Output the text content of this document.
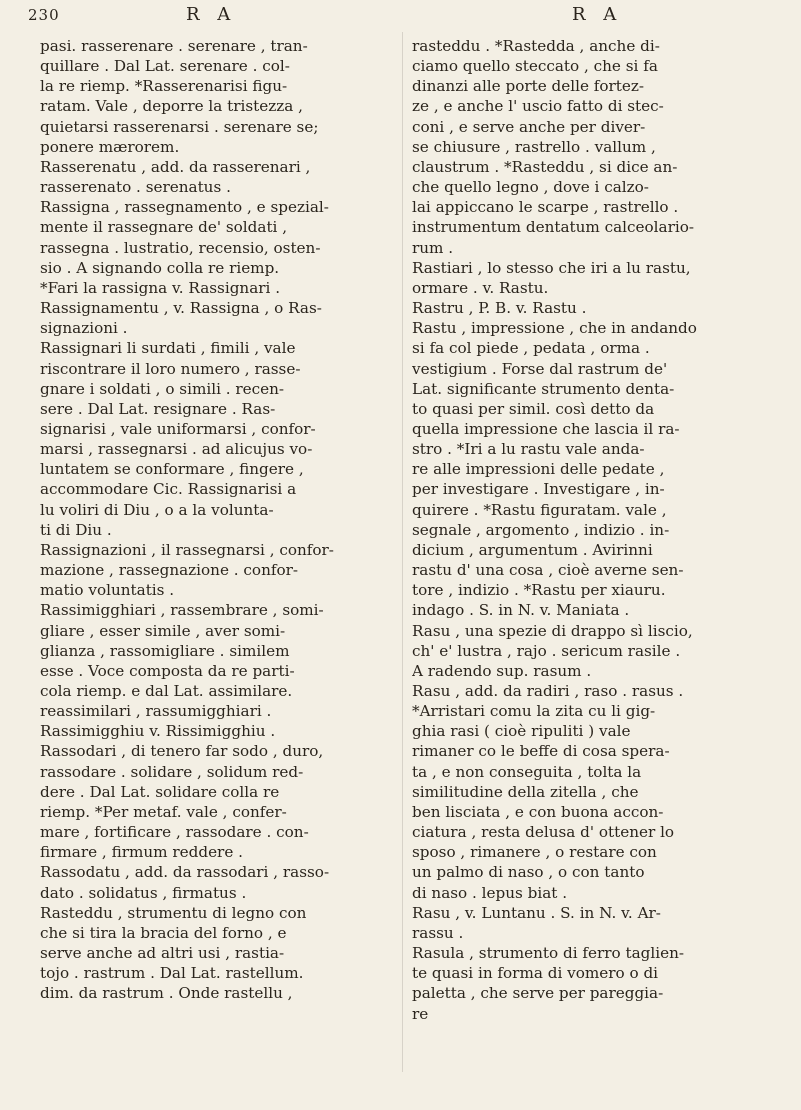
230	R A	R A
pasi. rasserenare . serenare , tran-
quillare . Dal Lat. serenare . col-
la re riemp. *Rasserenarisi figu-
ratam. Vale , deporre la tristezza ,
quietarsi rasserenarsi . serenare se;
ponere mærorem.
Rasserenatu , add. da rasserenari ,
rasserenato . serenatus .
Rassigna , rassegnamento , e spezial-
mente il rassegnare de' soldati ,
rassegna . lustratio, recensio, osten-
sio . A signando colla re riemp.
*Fari la rassigna v. Rassignari .
Rassignamentu , v. Rassigna , o Ras-
signazioni .
Rassignari li surdati , fimili , vale
riscontrare il loro numero , rasse-
gnare i soldati , o simili . recen-
sere . Dal Lat. resignare . Ras-
signarisi , vale uniformarsi , confor-
marsi , rassegnarsi . ad alicujus vo-
luntatem se conformare , fingere ,
accommodare Cic. Rassignarisi a
lu voliri di Diu , o a la volunta-
ti di Diu .
Rassignazioni , il rassegnarsi , confor-
mazione , rassegnazione . confor-
matio voluntatis .
Rassimigghiari , rassembrare , somi-
gliare , esser simile , aver somi-
glianza , rassomigliare . similem
esse . Voce composta da re parti-
cola riemp. e dal Lat. assimilare.
reassimilari , rassumigghiari .
Rassimigghiu v. Rissimigghiu .
Rassodari , di tenero far sodo , duro,
rassodare . solidare , solidum red-
dere . Dal Lat. solidare colla re
riemp. *Per metaf. vale , confer-
mare , fortificare , rassodare . con-
firmare , firmum reddere .
Rassodatu , add. da rassodari , rasso-
dato . solidatus , firmatus .
Rasteddu , strumentu di legno con
che si tira la bracia del forno , e
serve anche ad altri usi , rastia-
tojo . rastrum . Dal Lat. rastellum.
dim. da rastrum . Onde rastellu ,
rasteddu . *Rastedda , anche di-
ciamo quello steccato , che si fa
dinanzi alle porte delle fortez-
ze , e anche l' uscio fatto di stec-
coni , e serve anche per diver-
se chiusure , rastrello . vallum ,
claustrum . *Rasteddu , si dice an-
che quello legno , dove i calzo-
lai appiccano le scarpe , rastrello .
instrumentum dentatum calceolario-
rum .
Rastiari , lo stesso che iri a lu rastu,
ormare . v. Rastu.
Rastru , P. B. v. Rastu .
Rastu , impressione , che in andando
si fa col piede , pedata , orma .
vestigium . Forse dal rastrum de'
Lat. significante strumento denta-
to quasi per simil. così detto da
quella impressione che lascia il ra-
stro . *Iri a lu rastu vale anda-
re alle impressioni delle pedate ,
per investigare . Investigare , in-
quirere . *Rastu figuratam. vale ,
segnale , argomento , indizio . in-
dicium , argumentum . Avirinni
rastu d' una cosa , cioè averne sen-
tore , indizio . *Rastu per xiauru.
indago . S. in N. v. Maniata .
Rasu , una spezie di drappo sì liscio,
ch' e' lustra , rajo . sericum rasile .
A radendo sup. rasum .
Rasu , add. da radiri , raso . rasus .
*Arristari comu la zita cu li gig-
ghia rasi ( cioè ripuliti ) vale
rimaner co le beffe di cosa spera-
ta , e non conseguita , tolta la
similitudine della zitella , che
ben lisciata , e con buona accon-
ciatura , resta delusa d' ottener lo
sposo , rimanere , o restare con
un palmo di naso , o con tanto
di naso . lepus biat .
Rasu , v. Luntanu . S. in N. v. Ar-
rassu .
Rasula , strumento di ferro taglien-
te quasi in forma di vomero o di
paletta , che serve per pareggia-
re
